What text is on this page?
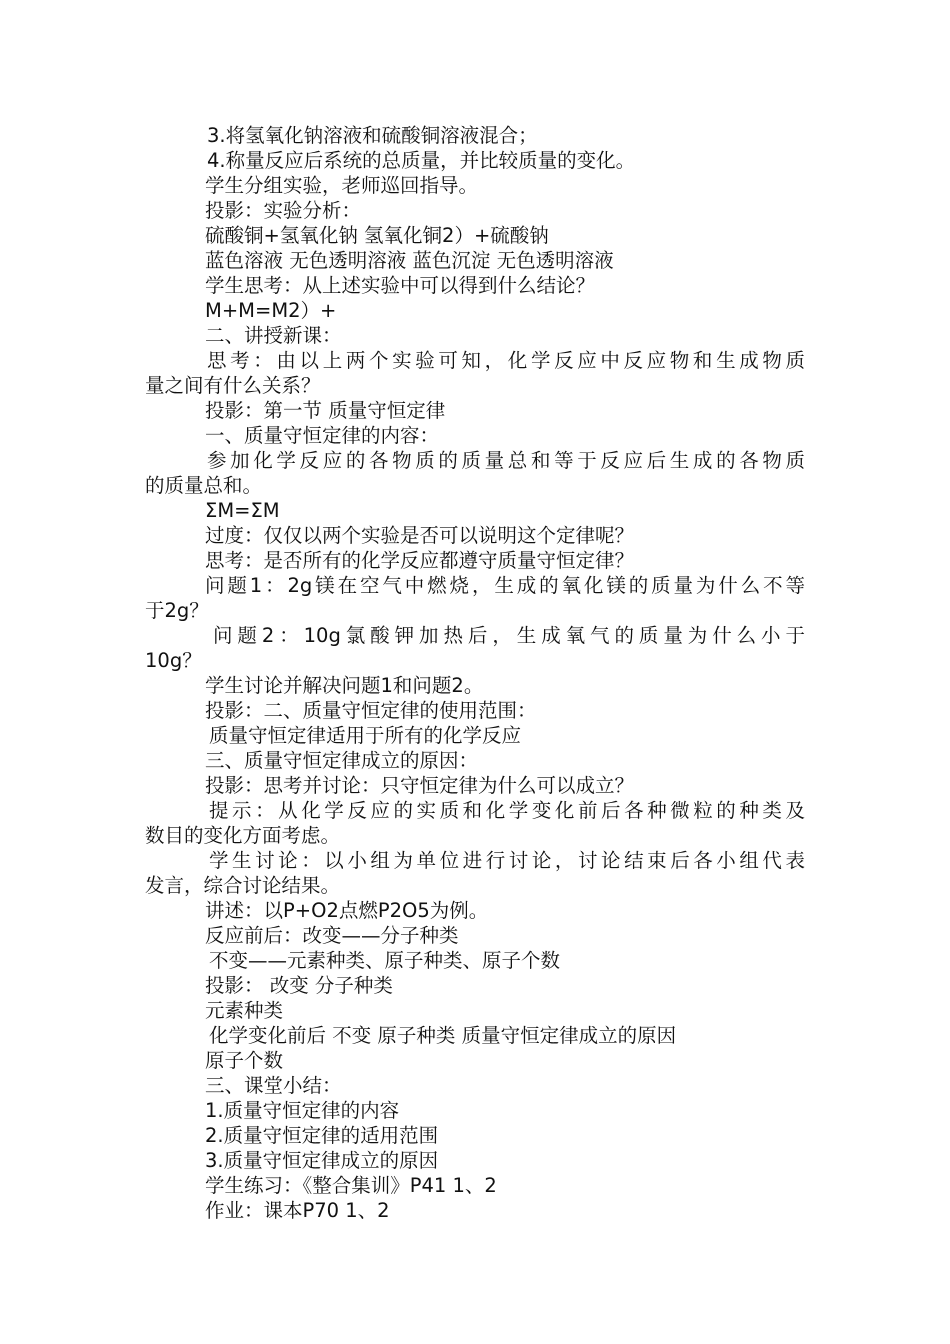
3.将氢氧化钠溶液和硫酸铜溶液混合；
4.称量反应后系统的总质量，并比较质量的变化。
学生分组实验，老师巡回指导。
投影：实验分析：
硫酸铜+氢氧化钠 氢氧化铜2）+硫酸钠
蓝色溶液 无色透明溶液 蓝色沉淀 无色透明溶液
学生思考：从上述实验中可以得到什么结论？
M+M=M2）+
二、讲授新课：
思考：由以上两个实验可知，化学反应中反应物和生成物质
量之间有什么关系？
投影：第一节 质量守恒定律
一、质量守恒定律的内容：
参加化学反应的各物质的质量总和等于反应后生成的各物质
的质量总和。
ΣM=ΣM
过度：仅仅以两个实验是否可以说明这个定律呢？
思考：是否所有的化学反应都遵守质量守恒定律？
问题1：2g镁在空气中燃烧，生成的氧化镁的质量为什么不等
于2g？
问题2：10g氯酸钾加热后，生成氧气的质量为什么小于
10g？
学生讨论并解决问题1和问题2。
投影：二、质量守恒定律的使用范围：
质量守恒定律适用于所有的化学反应
三、质量守恒定律成立的原因：
投影：思考并讨论：只守恒定律为什么可以成立？
提示：从化学反应的实质和化学变化前后各种微粒的种类及
数目的变化方面考虑。
学生讨论：以小组为单位进行讨论，讨论结束后各小组代表
发言，综合讨论结果。
讲述：以P+O2点燃P2O5为例。
反应前后：改变——分子种类
不变——元素种类、原子种类、原子个数
投影： 改变 分子种类
元素种类
化学变化前后 不变 原子种类 质量守恒定律成立的原因
原子个数
三、课堂小结：
1.质量守恒定律的内容
2.质量守恒定律的适用范围
3.质量守恒定律成立的原因
学生练习：《整合集训》P41 1、2
作业：课本P70 1、2
